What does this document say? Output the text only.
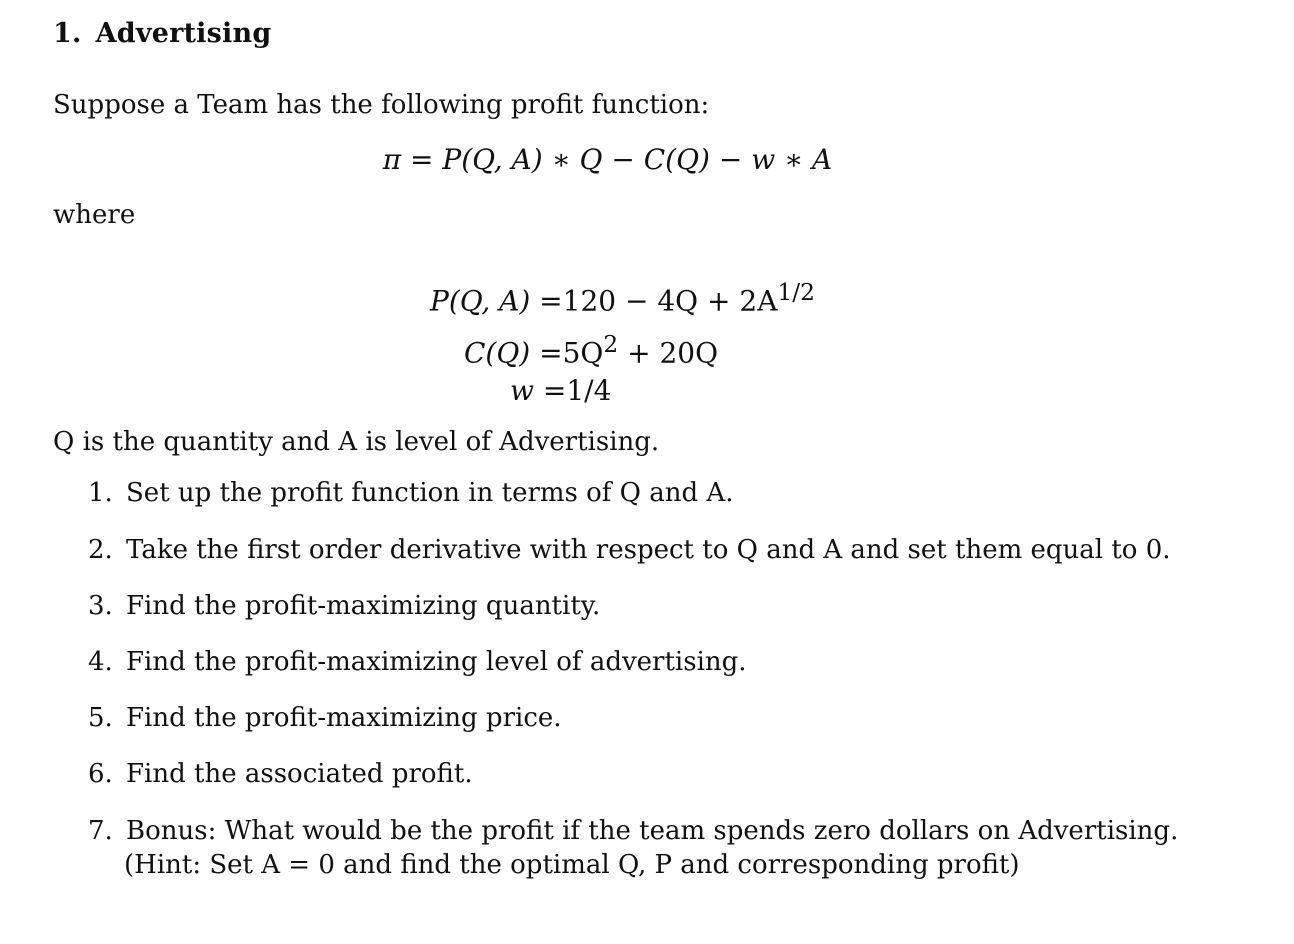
1. Advertising
Suppose a Team has the following profit function:
π = P(Q, A) ∗ Q − C(Q) − w ∗ A
where
P(Q, $A) =120 - 4Q + 2A^{1/2}$
$C(Q) =5Q^2 + 20Q$
w =1/4
Q is the quantity and A is level of Advertising.
1. Set up the profit function in terms of Q and A.
2. Take the first order derivative with respect to Q and A and set them equal to 0.
3. Find the profit-maximizing quantity.
4. Find the profit-maximizing level of advertising.
5. Find the profit-maximizing price.
6. Find the associated profit.
7. Bonus: What would be the profit if the team spends zero dollars on Advertising.
(Hint: Set A = 0 and find the optimal Q, P and corresponding profit)
